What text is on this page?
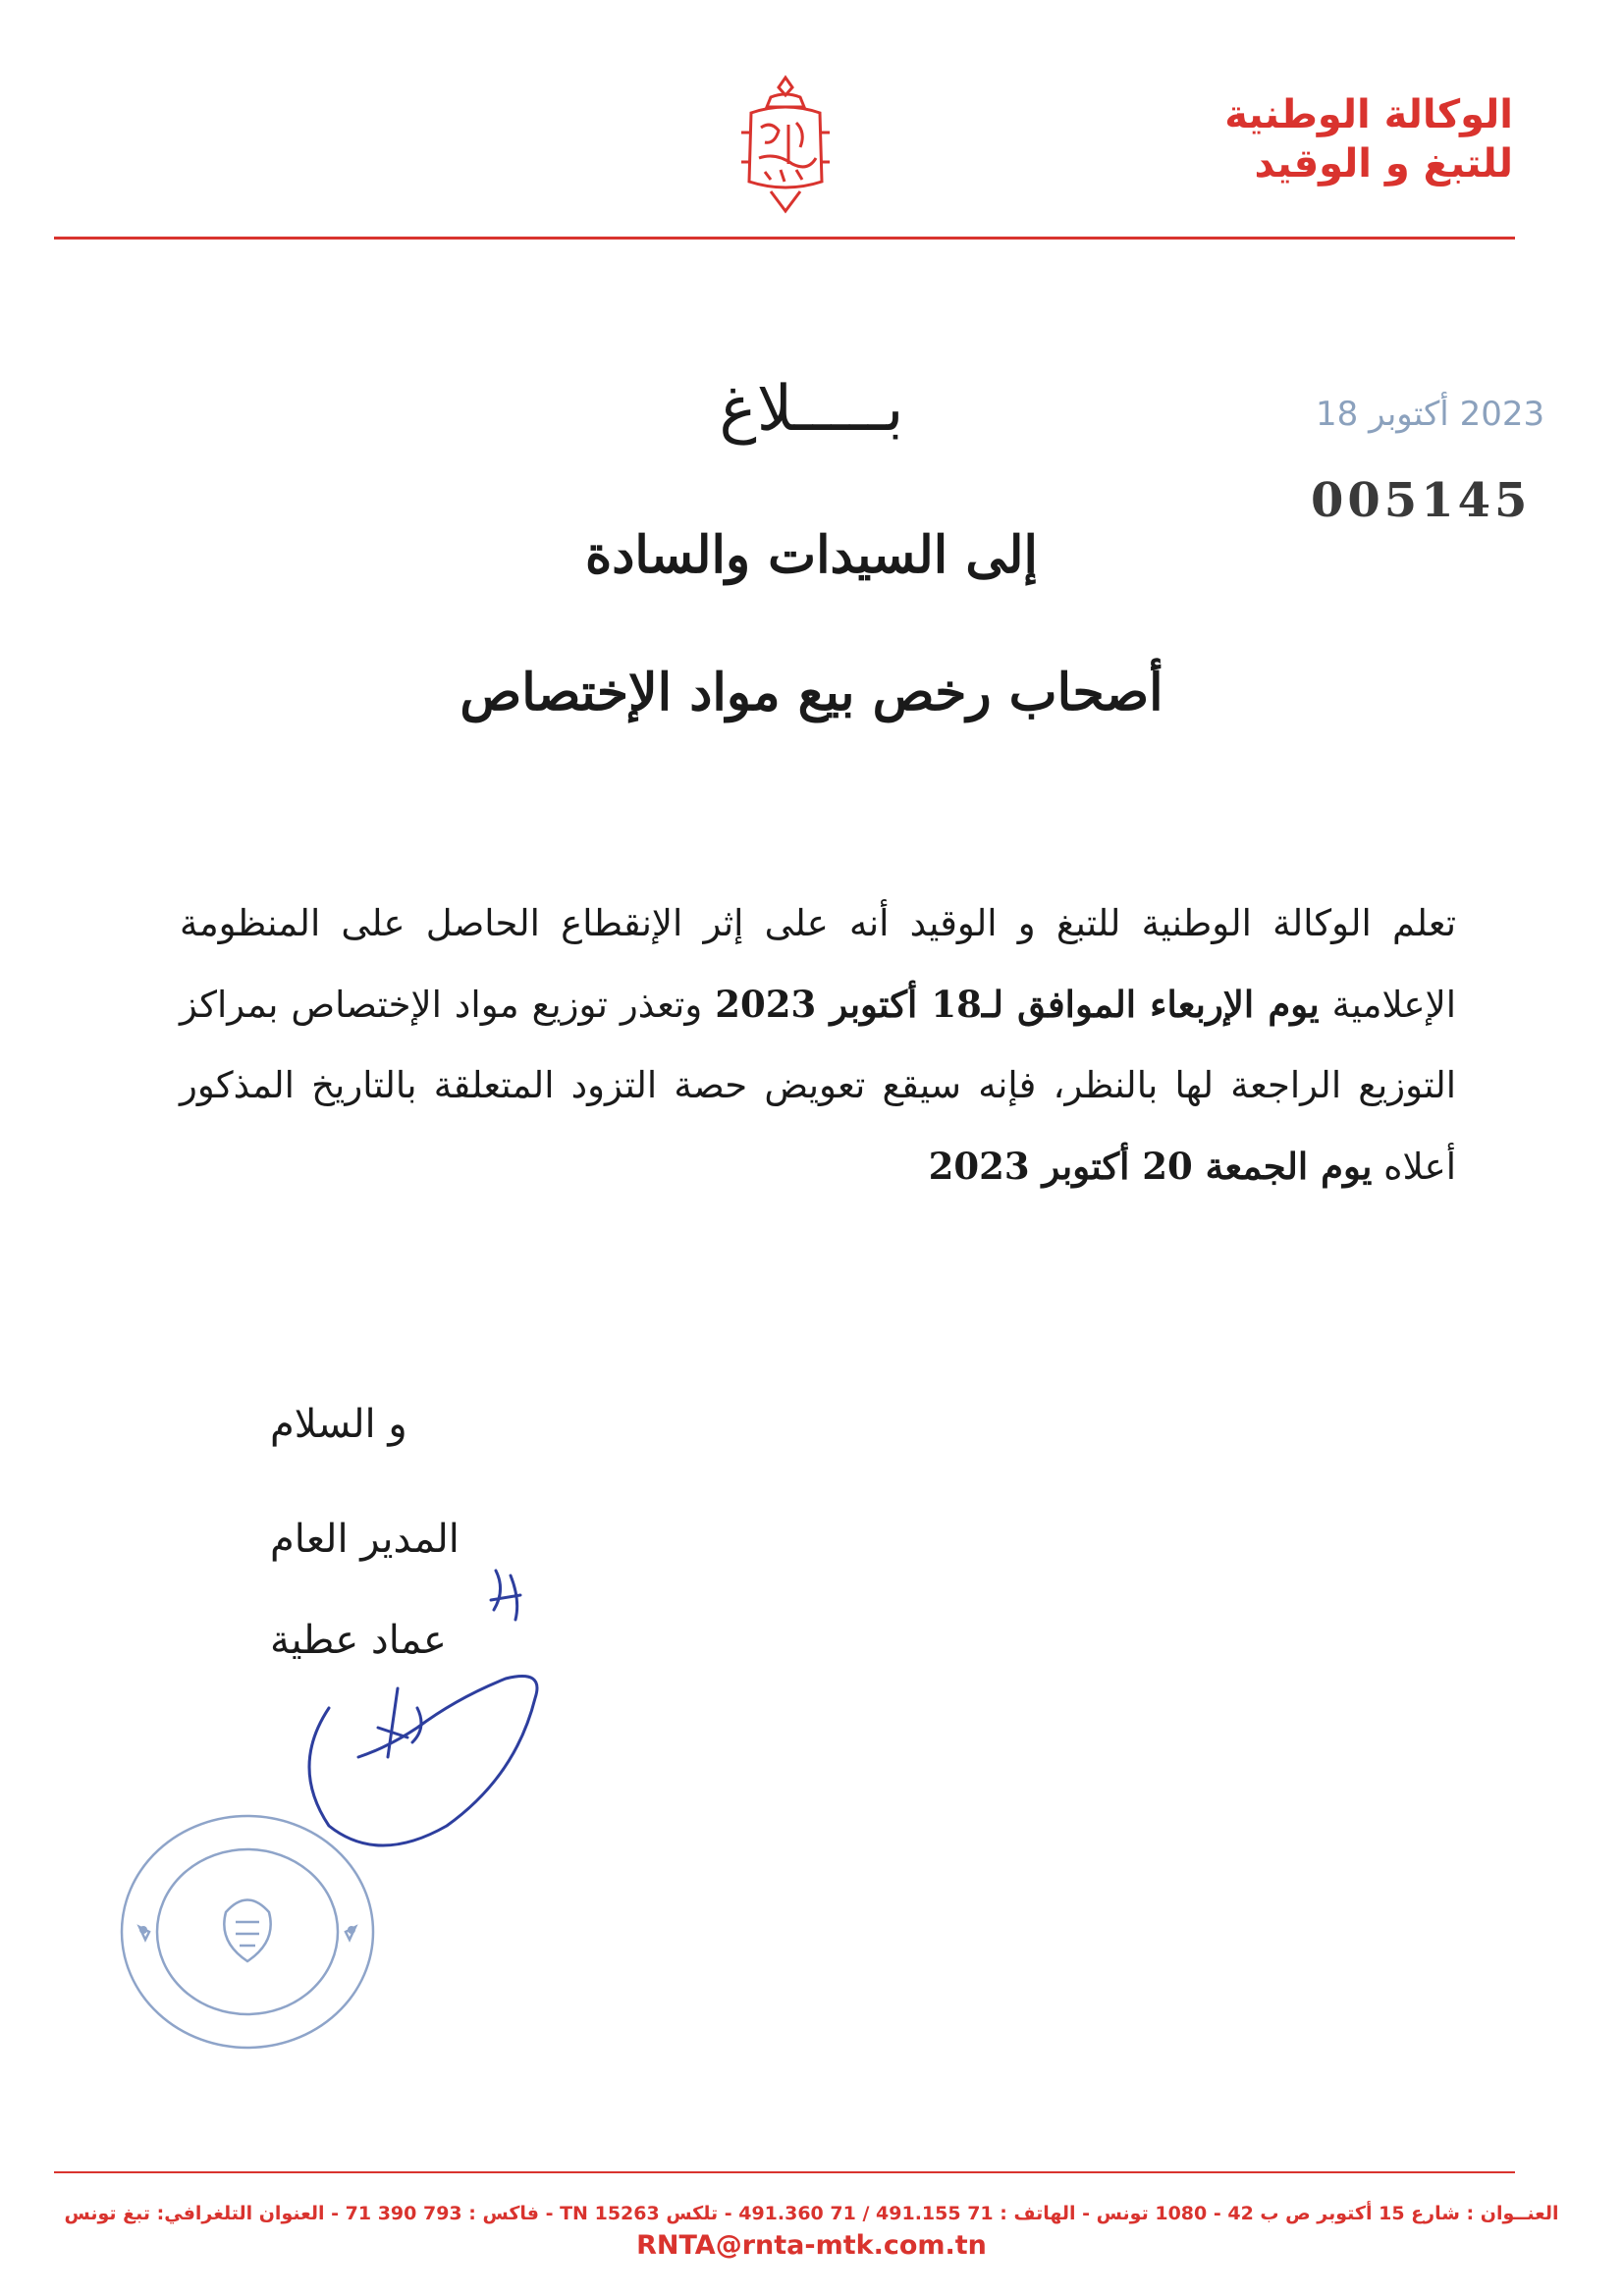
الوكالة الوطنية
للتبغ و الوقيد
2023 أكتوبر 18
005145
بـــــلاغ
إلى السيدات والسادة
أصحاب رخص بيع مواد الإختصاص
تعلم الوكالة الوطنية للتبغ و الوقيد أنه على إثر الإنقطاع الحاصل على المنظومة الإعلامية يوم الإربعاء الموافق لـ18 أكتوبر 2023 وتعذر توزيع مواد الإختصاص بمراكز التوزيع الراجعة لها بالنظر، فإنه سيقع تعويض حصة التزود المتعلقة بالتاريخ المذكور أعلاه يوم الجمعة 20 أكتوبر 2023
و السلام
المدير العام
عماد عطية
العنــوان : شارع 15 أكتوبر ص ب 42 - 1080 تونس - الهاتف : 71 491.155 / 71 491.360 - تلكس 15263 TN - فاكس : 793 390 71 - العنوان التلغرافي: تبغ تونس
RNTA@rnta-mtk.com.tn
